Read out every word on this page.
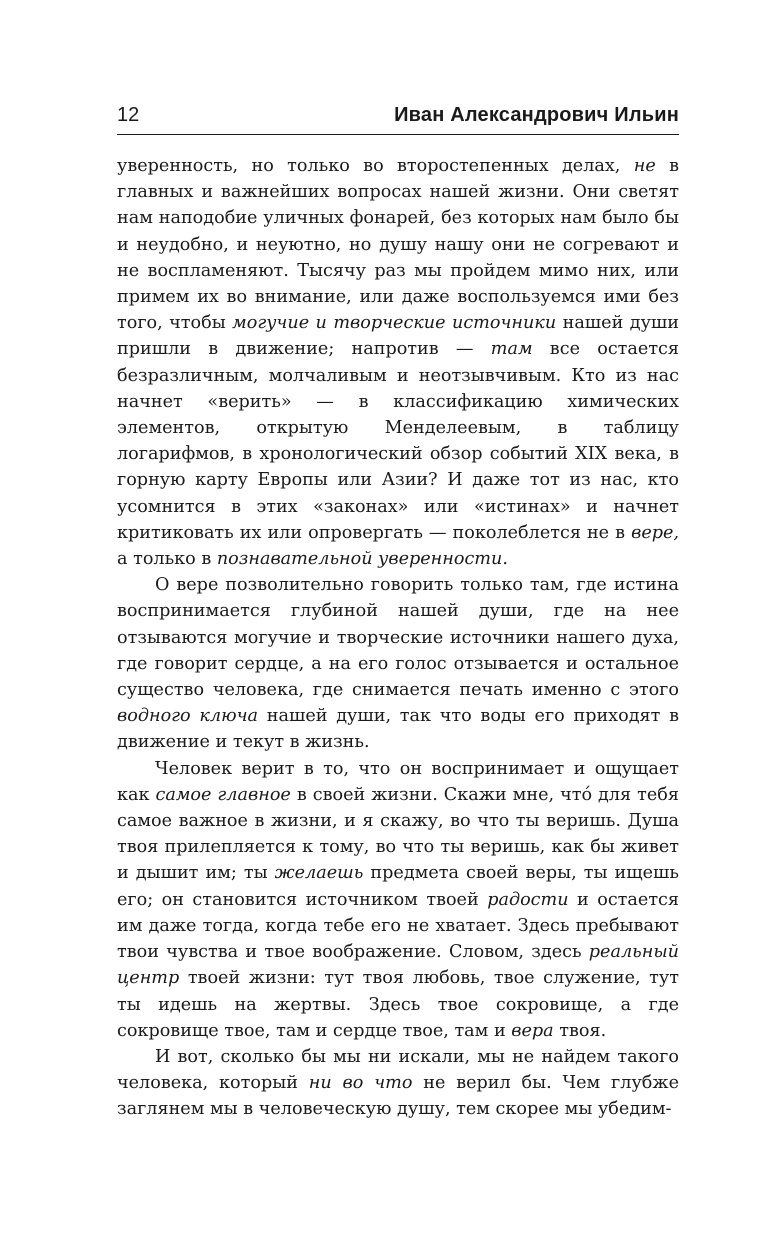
12	Иван Александрович Ильин

уверенность, но только во второстепенных делах, не в главных и важнейших вопросах нашей жизни. Они светят нам наподобие уличных фонарей, без которых нам было бы и неудобно, и неуютно, но душу нашу они не согревают и не воспламеняют. Тысячу раз мы пройдем мимо них, или примем их во внимание, или даже воспользуемся ими без того, чтобы могучие и творческие источники нашей души пришли в движение; напротив — там все остается безразличным, молчаливым и неотзывчивым. Кто из нас начнет «верить» — в классификацию химических элементов, открытую Менделеевым, в таблицу логарифмов, в хронологический обзор событий XIX века, в горную карту Европы или Азии? И даже тот из нас, кто усомнится в этих «законах» или «истинах» и начнет критиковать их или опровергать — поколеблется не в вере, а только в познавательной уверенности.

О вере позволительно говорить только там, где истина воспринимается глубиной нашей души, где на нее отзываются могучие и творческие источники нашего духа, где говорит сердце, а на его голос отзывается и остальное существо человека, где снимается печать именно с этого водного ключа нашей души, так что воды его приходят в движение и текут в жизнь.

Человек верит в то, что он воспринимает и ощущает как самое главное в своей жизни. Скажи мне, чтó для тебя самое важное в жизни, и я скажу, во что ты веришь. Душа твоя прилепляется к тому, во что ты веришь, как бы живет и дышит им; ты желаешь предмета своей веры, ты ищешь его; он становится источником твоей радости и остается им даже тогда, когда тебе его не хватает. Здесь пребывают твои чувства и твое воображение. Словом, здесь реальный центр твоей жизни: тут твоя любовь, твое служение, тут ты идешь на жертвы. Здесь твое сокровище, а где сокровище твое, там и сердце твое, там и вера твоя.

И вот, сколько бы мы ни искали, мы не найдем такого человека, который ни во что не верил бы. Чем глубже заглянем мы в человеческую душу, тем скорее мы убедим-
